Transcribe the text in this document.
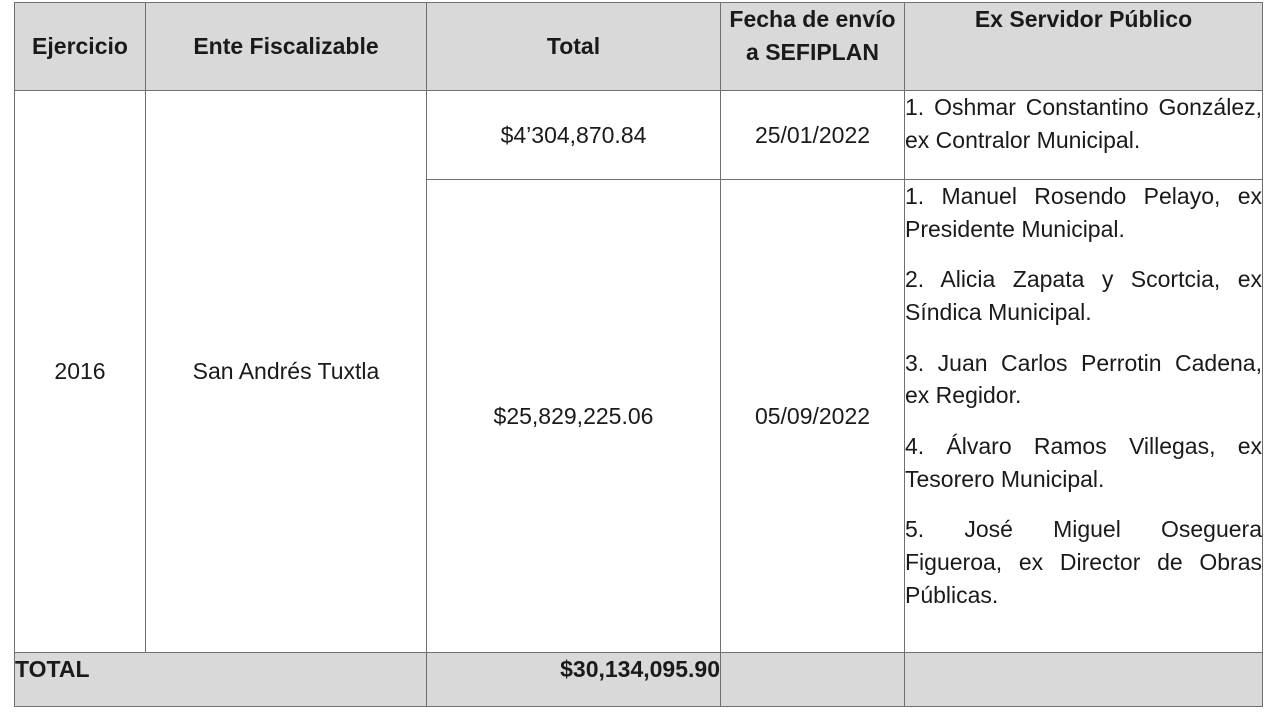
Ejercicio	Ente Fiscalizable	Total	Fecha de envío a SEFIPLAN	Ex Servidor Público
2016	San Andrés Tuxtla	$4’304,870.84	25/01/2022	1. Oshmar Constantino González, ex Contralor Municipal.

		$25,829,225.06	05/09/2022	1. Manuel Rosendo Pelayo, ex Presidente Municipal.

2. Alicia Zapata y Scortcia, ex Síndica Municipal.

3. Juan Carlos Perrotin Cadena, ex Regidor.

4. Álvaro Ramos Villegas, ex Tesorero Municipal.

5. José Miguel Oseguera Figueroa, ex Director de Obras Públicas.

TOTAL		$30,134,095.90		
